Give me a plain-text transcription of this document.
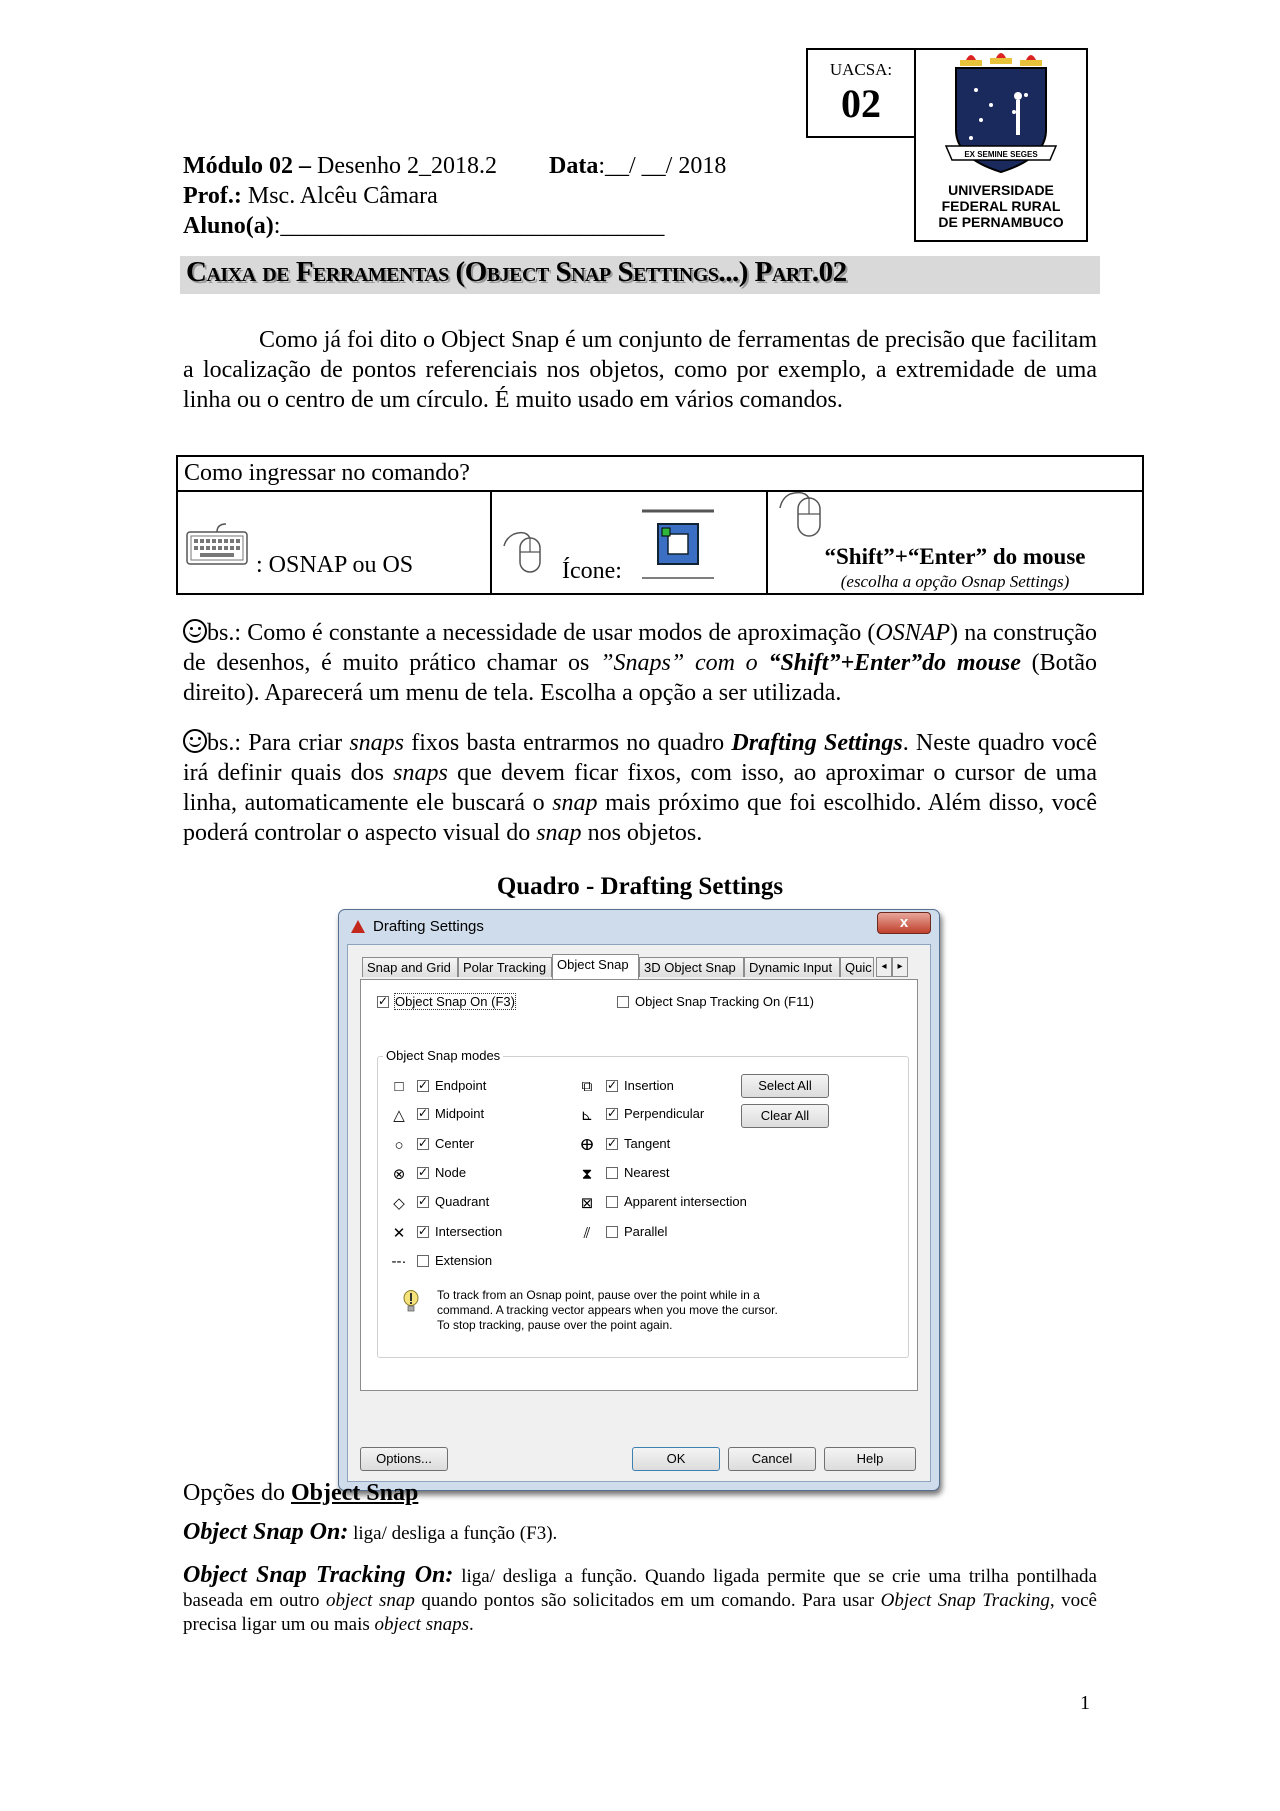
UACSA:
02
EX SEMINE SEGES
UNIVERSIDADE
FEDERAL RURAL
DE PERNAMBUCO
Módulo 02 – Desenho 2_2018.2 Data:__/ __/ 2018
Prof.: Msc. Alcêu Câmara
Aluno(a):________________________________
Caixa de Ferramentas (Object Snap Settings...) Part.02
Como já foi dito o Object Snap é um conjunto de ferramentas de precisão que facilitam a localização de pontos referenciais nos objetos, como por exemplo, a extremidade de uma linha ou o centro de um círculo. É muito usado em vários comandos.
Como ingressar no comando?
: OSNAP ou OS	Ícone:
“Shift”+“Enter” do mouse
(escolha a opção Osnap Settings)
bs.: Como é constante a necessidade de usar modos de aproximação (OSNAP) na construção de desenhos, é muito prático chamar os ”Snaps” com o “Shift”+Enter”do mouse (Botão direito). Aparecerá um menu de tela. Escolha a opção a ser utilizada.
bs.: Para criar snaps fixos basta entrarmos no quadro Drafting Settings. Neste quadro você irá definir quais dos snaps que devem ficar fixos, com isso, ao aproximar o cursor de uma linha, automaticamente ele buscará o snap mais próximo que foi escolhido. Além disso, você poderá controlar o aspecto visual do snap nos objetos.
Quadro - Drafting Settings
Drafting Settings	x
Snap and Grid Polar Tracking Object Snap	3D Object Snap	Dynamic Input Quic ◂	▸
✓
Object Snap On (F3)	Object Snap Tracking On (F11)
Object Snap modes
□ ✓ Endpoint
△ ✓ Midpoint
○ ✓ Center
⊗ ✓ Node
◇ ✓ Quadrant
✕ ✓ Intersection
--· Extension
⧉ ✓ Insertion
⊾ ✓ Perpendicular
ⴲ ✓ Tangent
⧗ Nearest
⊠ Apparent intersection
⫽	Parallel
Select All
Clear All
To track from an Osnap point, pause over the point while in a
command. A tracking vector appears when you move the cursor.
To stop tracking, pause over the point again.
Options...	OK	Cancel	Help
Opções do Object Snap
Object Snap On: liga/ desliga a função (F3).
Object Snap Tracking On: liga/ desliga a função. Quando ligada permite que se crie uma trilha pontilhada baseada em outro object snap quando pontos são solicitados em um comando. Para usar Object Snap Tracking, você precisa ligar um ou mais object snaps.
1
